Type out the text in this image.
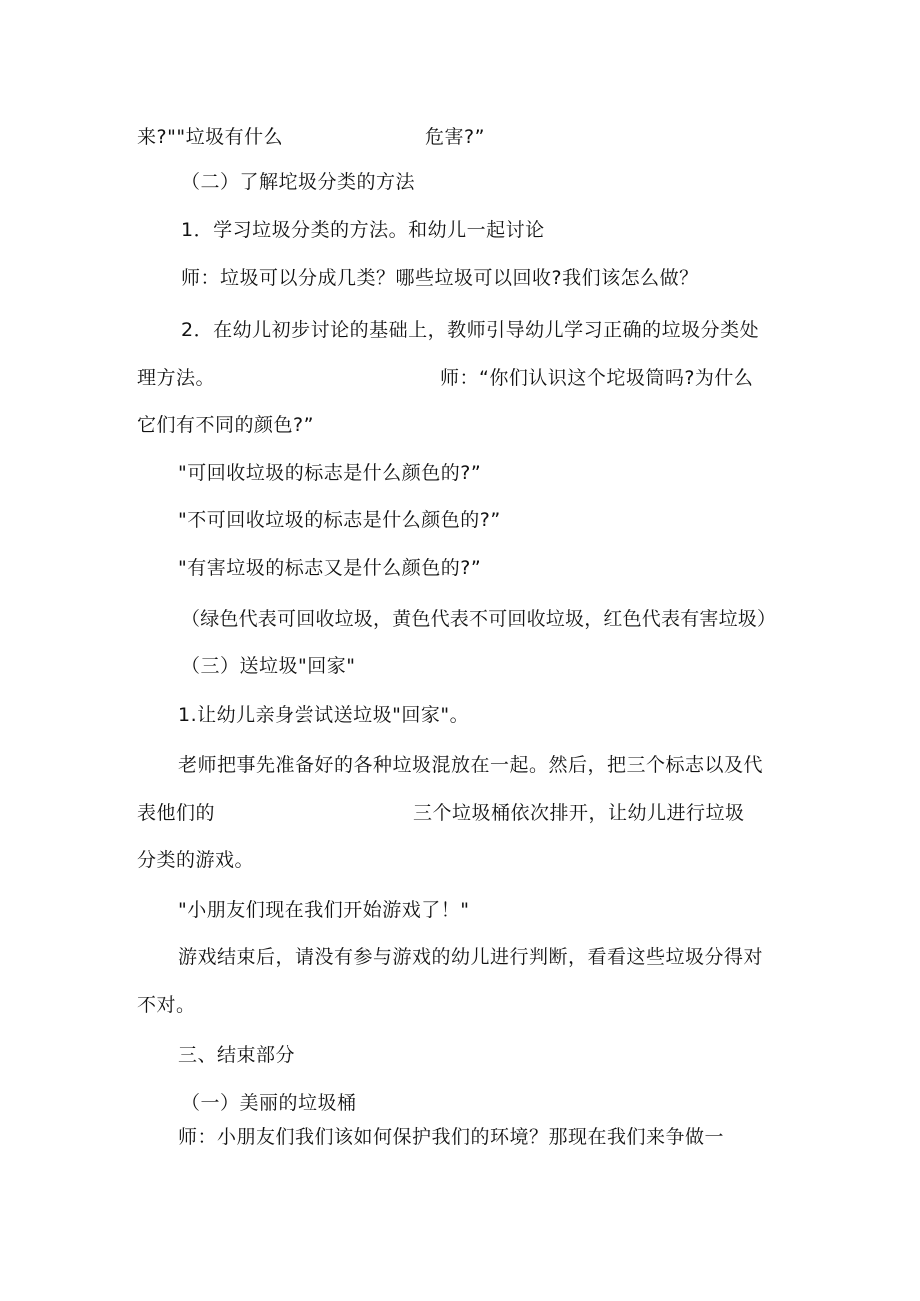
来?""垃圾有什么	危害?”
（二）了解坨圾分类的方法
1．学习垃圾分类的方法。和幼儿一起讨论
师：垃圾可以分成几类？哪些垃圾可以回收?我们该怎么做？
2．在幼儿初步讨论的基础上，教师引导幼儿学习正确的垃圾分类处
理方法。	师：“你们认识这个坨圾筒吗?为什么
它们有不同的颜色?”
"可回收垃圾的标志是什么颜色的?”
"不可回收垃圾的标志是什么颜色的?”
"有害垃圾的标志又是什么颜色的?”
（绿色代表可回收垃圾，黄色代表不可回收垃圾，红色代表有害垃圾）
（三）送垃圾"回家"
1.让幼儿亲身尝试送垃圾"回家"。
老师把事先准备好的各种垃圾混放在一起。然后，把三个标志以及代
表他们的	三个垃圾桶依次排开，让幼儿进行垃圾
分类的游戏。
"小朋友们现在我们开始游戏了！"
游戏结束后，请没有参与游戏的幼儿进行判断，看看这些垃圾分得对
不对。
三、结束部分
（一）美丽的垃圾桶
师：小朋友们我们该如何保护我们的环境？那现在我们来争做一
